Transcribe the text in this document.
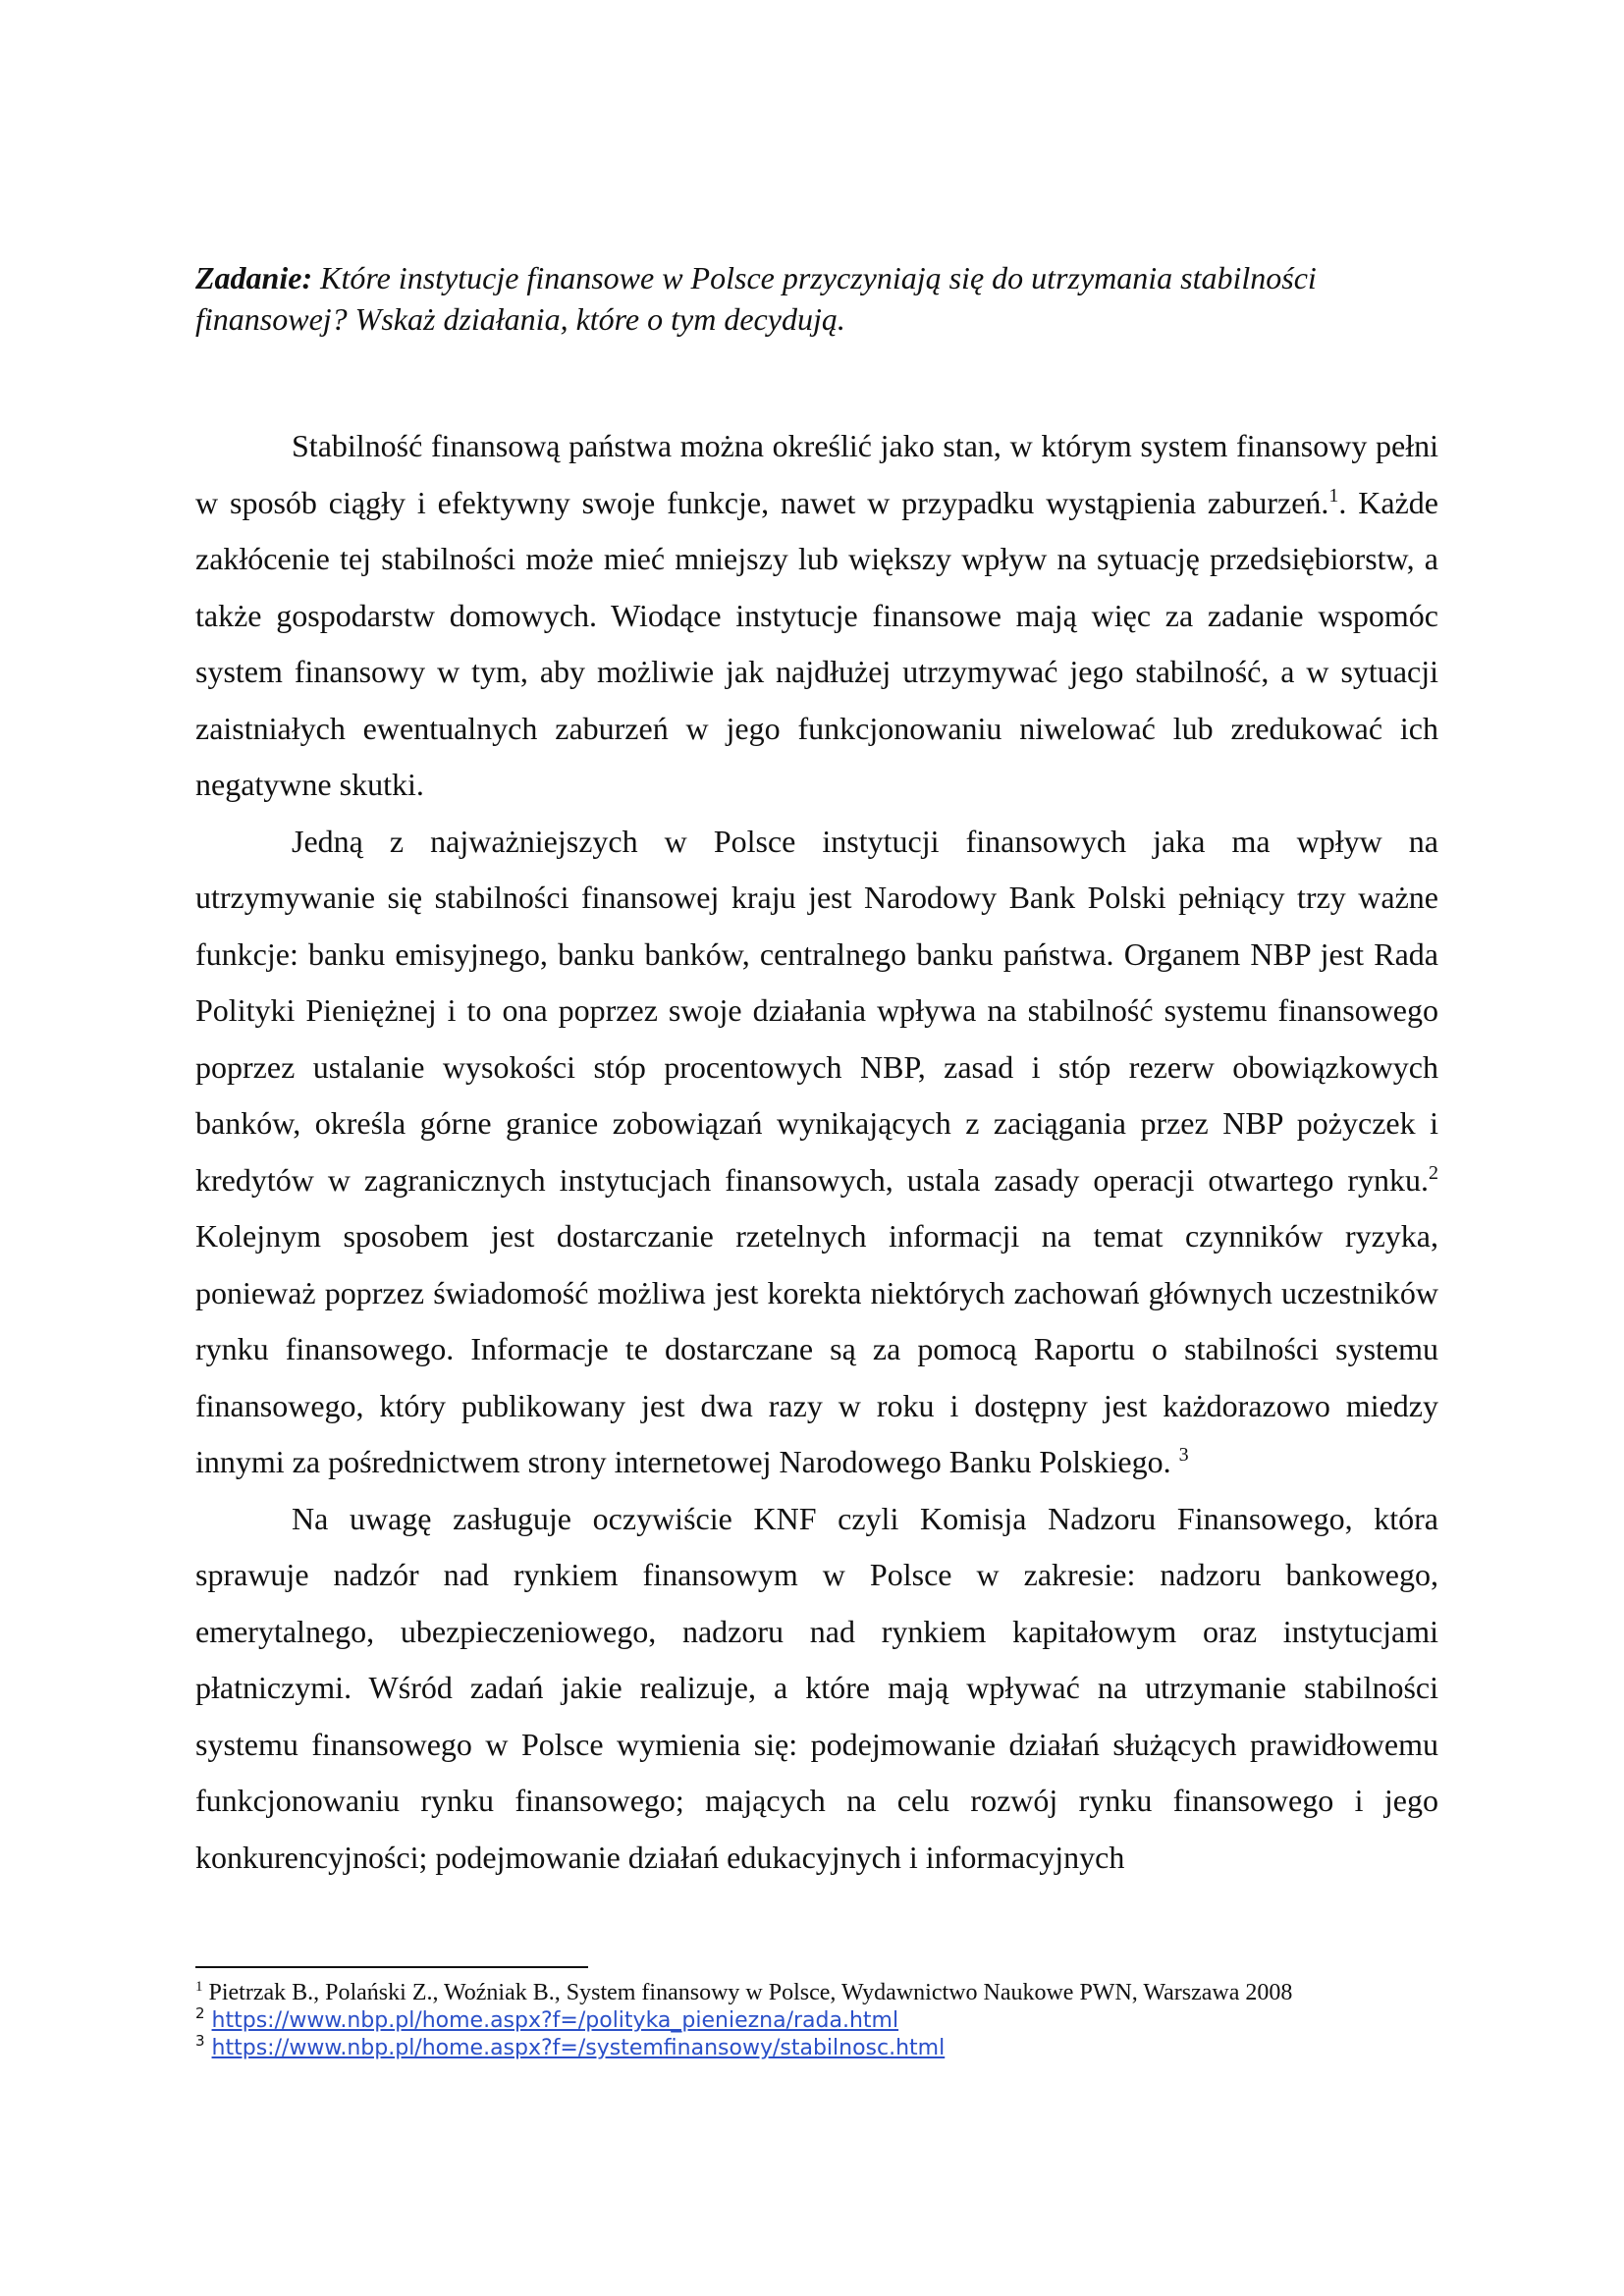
Zadanie: Które instytucje finansowe w Polsce przyczyniają się do utrzymania stabilności finansowej? Wskaż działania, które o tym decydują.

Stabilność finansową państwa można określić jako stan, w którym system finansowy pełni w sposób ciągły i efektywny swoje funkcje, nawet w przypadku wystąpienia zaburzeń.$^1$. Każde zakłócenie tej stabilności może mieć mniejszy lub większy wpływ na sytuację przedsiębiorstw, a także gospodarstw domowych. Wiodące instytucje finansowe mają więc za zadanie wspomóc system finansowy w tym, aby możliwie jak najdłużej utrzymywać jego stabilność, a w sytuacji zaistniałych ewentualnych zaburzeń w jego funkcjonowaniu niwelować lub zredukować ich negatywne skutki.

Jedną z najważniejszych w Polsce instytucji finansowych jaka ma wpływ na utrzymywanie się stabilności finansowej kraju jest Narodowy Bank Polski pełniący trzy ważne funkcje: banku emisyjnego, banku banków, centralnego banku państwa. Organem NBP jest Rada Polityki Pieniężnej i to ona poprzez swoje działania wpływa na stabilność systemu finansowego poprzez ustalanie wysokości stóp procentowych NBP, zasad i stóp rezerw obowiązkowych banków, określa górne granice zobowiązań wynikających z zaciągania przez NBP pożyczek i kredytów w zagranicznych instytucjach finansowych, ustala zasady operacji otwartego rynku.$^2$ Kolejnym sposobem jest dostarczanie rzetelnych informacji na temat czynników ryzyka, ponieważ poprzez świadomość możliwa jest korekta niektórych zachowań głównych uczestników rynku finansowego. Informacje te dostarczane są za pomocą Raportu o stabilności systemu finansowego, który publikowany jest dwa razy w roku i dostępny jest każdorazowo miedzy innymi za pośrednictwem strony internetowej Narodowego Banku Polskiego. $^3$

Na uwagę zasługuje oczywiście KNF czyli Komisja Nadzoru Finansowego, która sprawuje nadzór nad rynkiem finansowym w Polsce w zakresie: nadzoru bankowego, emerytalnego, ubezpieczeniowego, nadzoru nad rynkiem kapitałowym oraz instytucjami płatniczymi. Wśród zadań jakie realizuje, a które mają wpływać na utrzymanie stabilności systemu finansowego w Polsce wymienia się: podejmowanie działań służących prawidłowemu funkcjonowaniu rynku finansowego; mających na celu rozwój rynku finansowego i jego konkurencyjności; podejmowanie działań edukacyjnych i informacyjnych

$^1$ Pietrzak B., Polański Z., Woźniak B., System finansowy w Polsce, Wydawnictwo Naukowe PWN, Warszawa 2008

$^2$ https://www.nbp.pl/home.aspx?f=/polityka_pieniezna/rada.html

$^3$ https://www.nbp.pl/home.aspx?f=/systemfinansowy/stabilnosc.html
